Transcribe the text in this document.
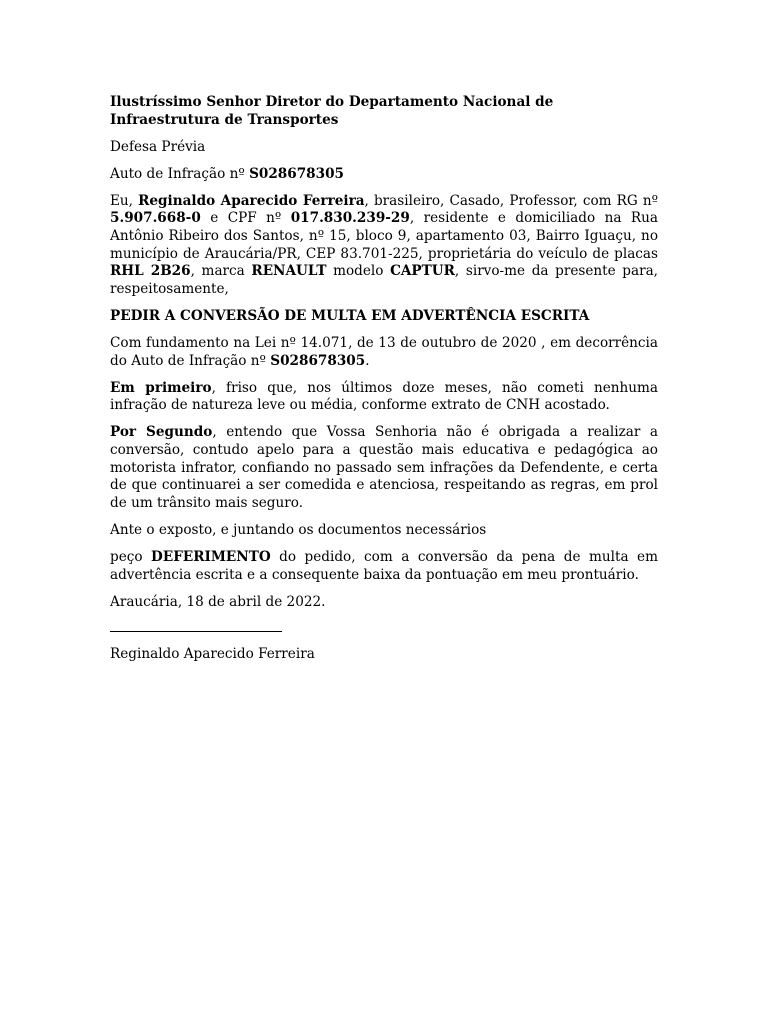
Ilustríssimo Senhor Diretor do Departamento Nacional de Infraestrutura de Transportes

Defesa Prévia

Auto de Infração nº S028678305

Eu, Reginaldo Aparecido Ferreira, brasileiro, Casado, Professor, com RG nº 5.907.668-0 e CPF nº 017.830.239-29, residente e domiciliado na Rua Antônio Ribeiro dos Santos, nº 15, bloco 9, apartamento 03, Bairro Iguaçu, no município de Araucária/PR, CEP 83.701-225, proprietária do veículo de placas RHL 2B26, marca RENAULT modelo CAPTUR, sirvo-me da presente para, respeitosamente,

PEDIR A CONVERSÃO DE MULTA EM ADVERTÊNCIA ESCRITA

Com fundamento na Lei nº 14.071, de 13 de outubro de 2020 , em decorrência do Auto de Infração nº S028678305.

Em primeiro, friso que, nos últimos doze meses, não cometi nenhuma infração de natureza leve ou média, conforme extrato de CNH acostado.

Por Segundo, entendo que Vossa Senhoria não é obrigada a realizar a conversão, contudo apelo para a questão mais educativa e pedagógica ao motorista infrator, confiando no passado sem infrações da Defendente, e certa de que continuarei a ser comedida e atenciosa, respeitando as regras, em prol de um trânsito mais seguro.

Ante o exposto, e juntando os documentos necessários

peço DEFERIMENTO do pedido, com a conversão da pena de multa em advertência escrita e a consequente baixa da pontuação em meu prontuário.

Araucária, 18 de abril de 2022.

Reginaldo Aparecido Ferreira
